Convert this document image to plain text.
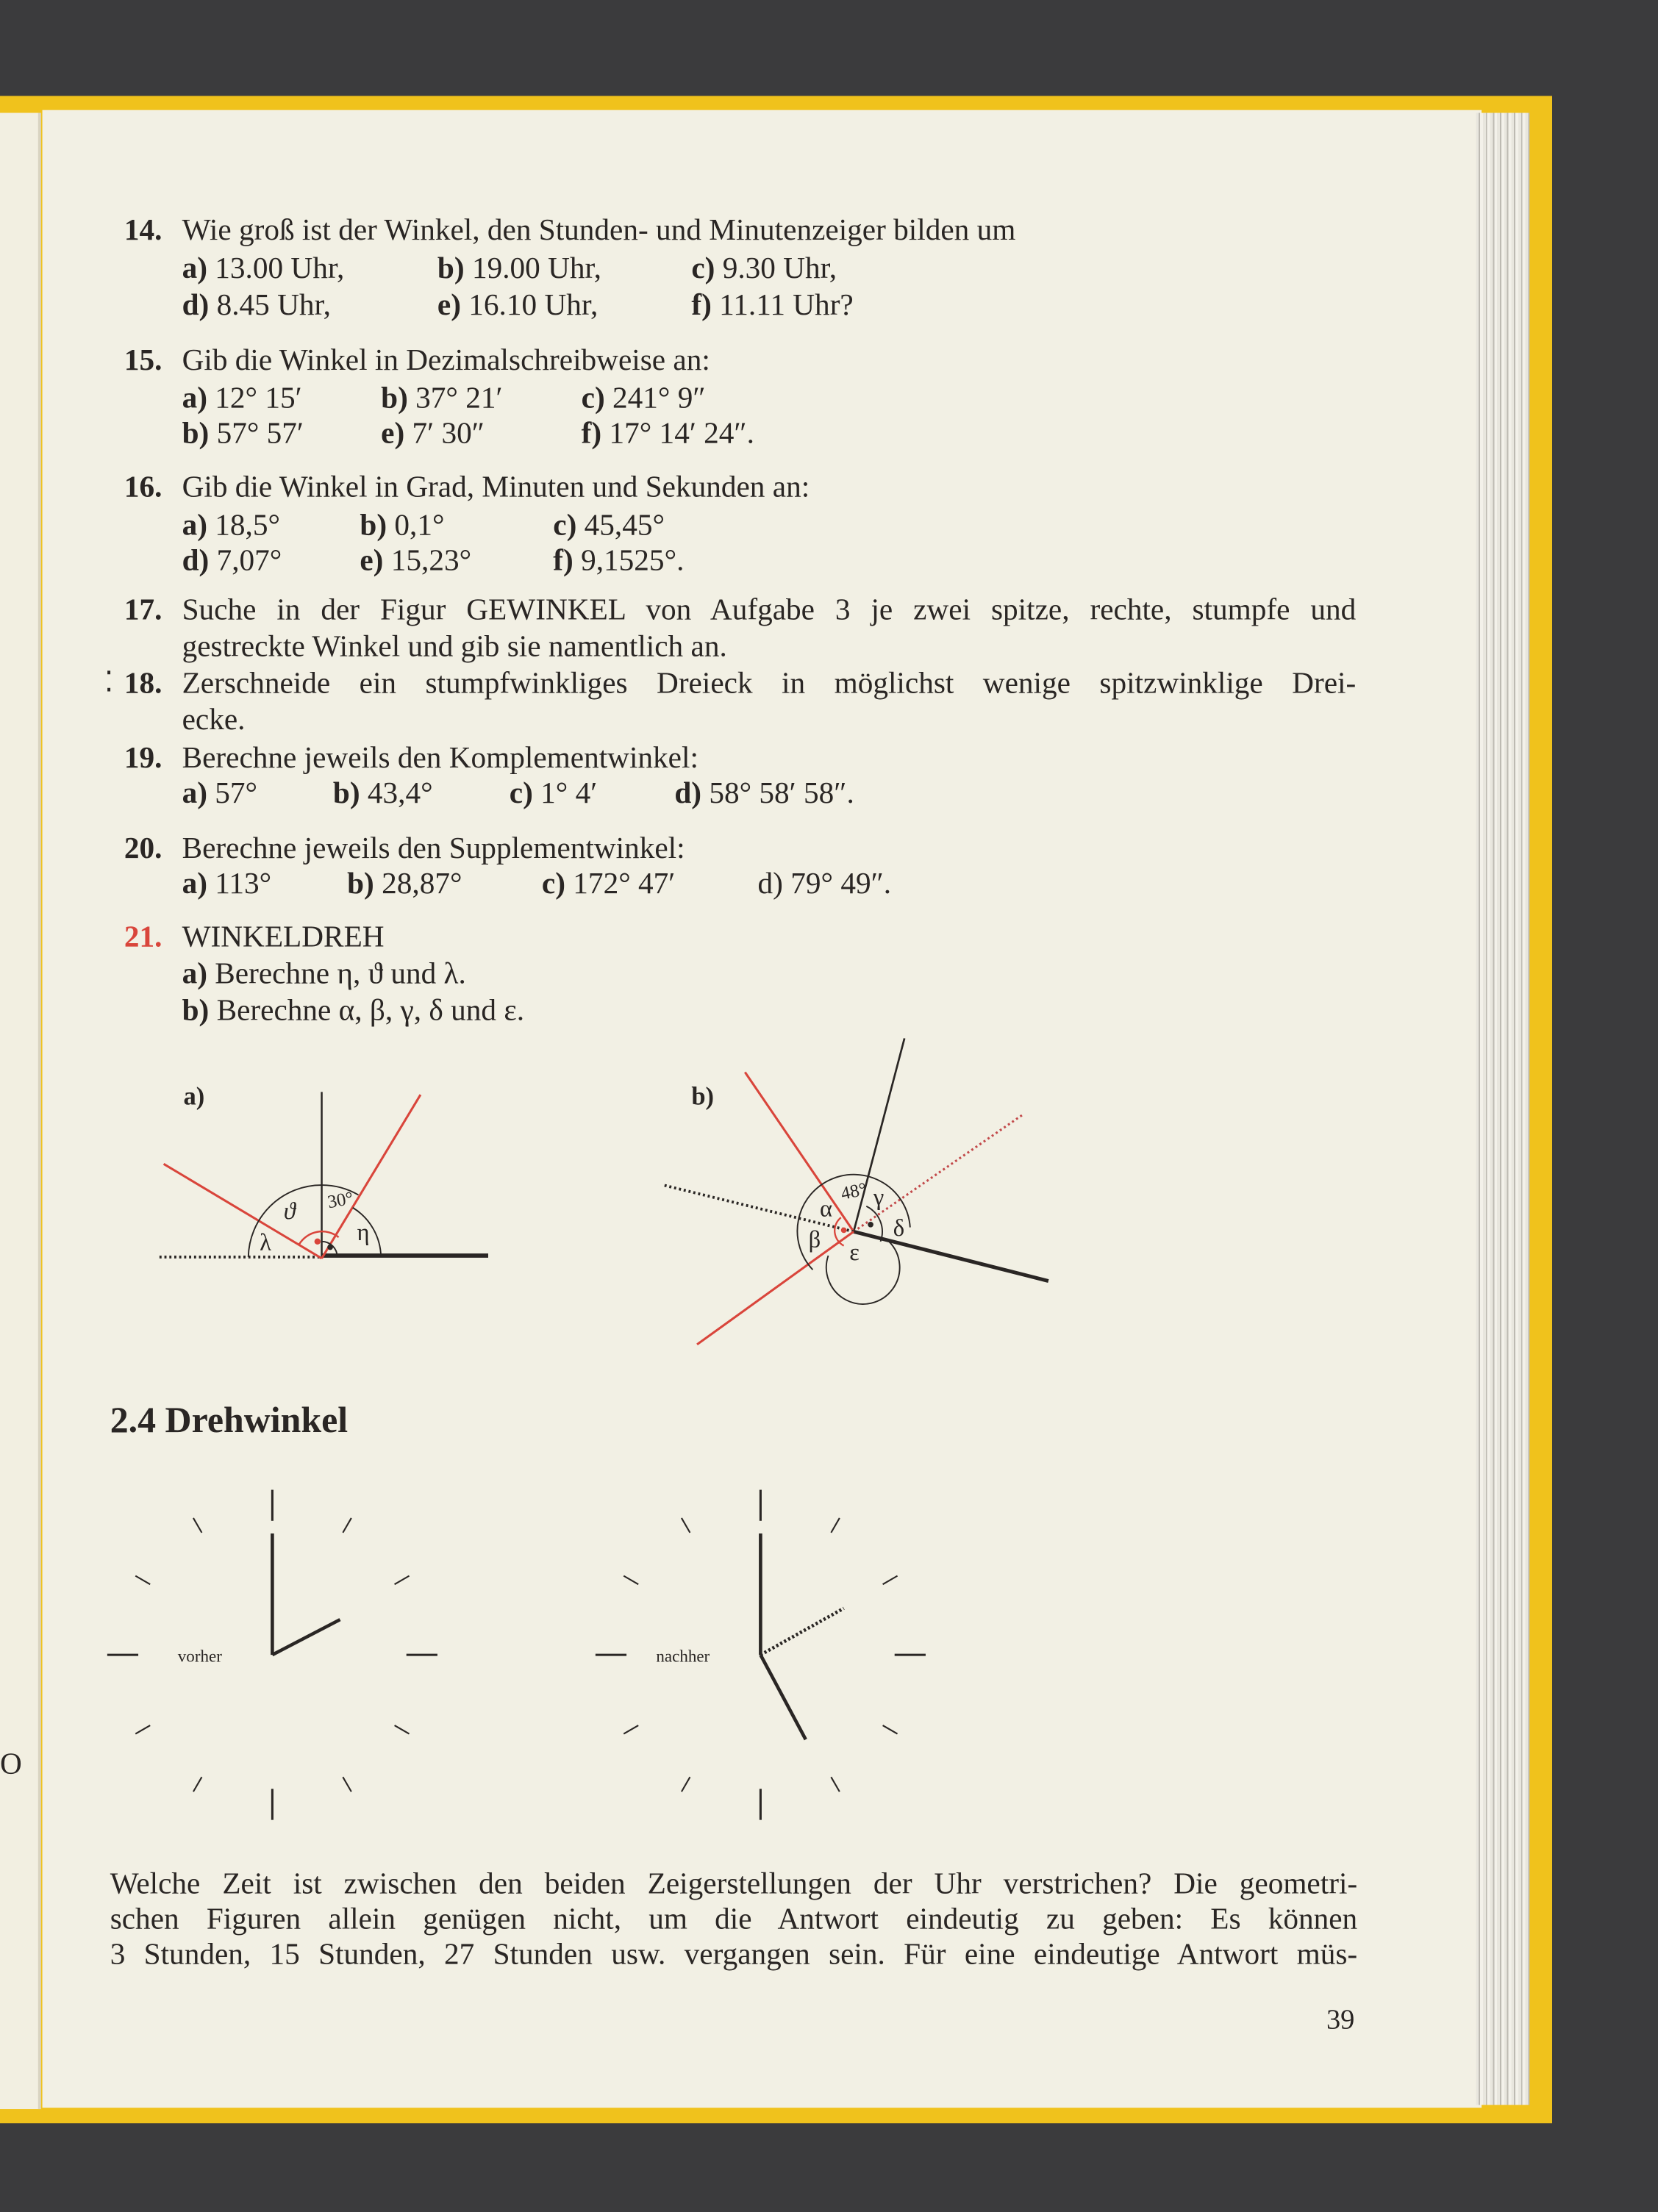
O
14. Wie groß ist der Winkel, den Stunden- und Minutenzeiger bilden um
a) 13.00 Uhr,	b) 19.00 Uhr,	c) 9.30 Uhr,
d) 8.45 Uhr,	e) 16.10 Uhr,	f) 11.11 Uhr?
15. Gib die Winkel in Dezimalschreibweise an:
a) 12° 15′	b) 37° 21′	c) 241° 9″
b) 57° 57′	e) 7′ 30″	f) 17° 14′ 24″.
16. Gib die Winkel in Grad, Minuten und Sekunden an:
a) 18,5°	b) 0,1°	c) 45,45°
d) 7,07°	e) 15,23°	f) 9,1525°.
17. Suche in der Figur GEWINKEL von Aufgabe 3 je zwei spitze, rechte, stumpfe und
gestreckte Winkel und gib sie namentlich an.
⁚ 18. Zerschneide ein stumpfwinkliges Dreieck in möglichst wenige spitzwinklige Drei-
ecke.
19. Berechne jeweils den Komplementwinkel:
a) 57°	b) 43,4°	c) 1° 4′	d) 58° 58′ 58″.
20. Berechne jeweils den Supplementwinkel:
a) 113°	b) 28,87°	c) 172° 47′	d) 79° 49″.
21. WINKELDREH
a) Berechne η, ϑ und λ.
b) Berechne α, β, γ, δ und ε.
a)
ϑ	30°
η
λ
b)
48° γ
α
δ
β ε
vorher	nachher
39
2.4 Drehwinkel
Welche Zeit ist zwischen den beiden Zeigerstellungen der Uhr verstrichen? Die geometri-
schen Figuren allein genügen nicht, um die Antwort eindeutig zu geben: Es können
3 Stunden, 15 Stunden, 27 Stunden usw. vergangen sein. Für eine eindeutige Antwort müs-
